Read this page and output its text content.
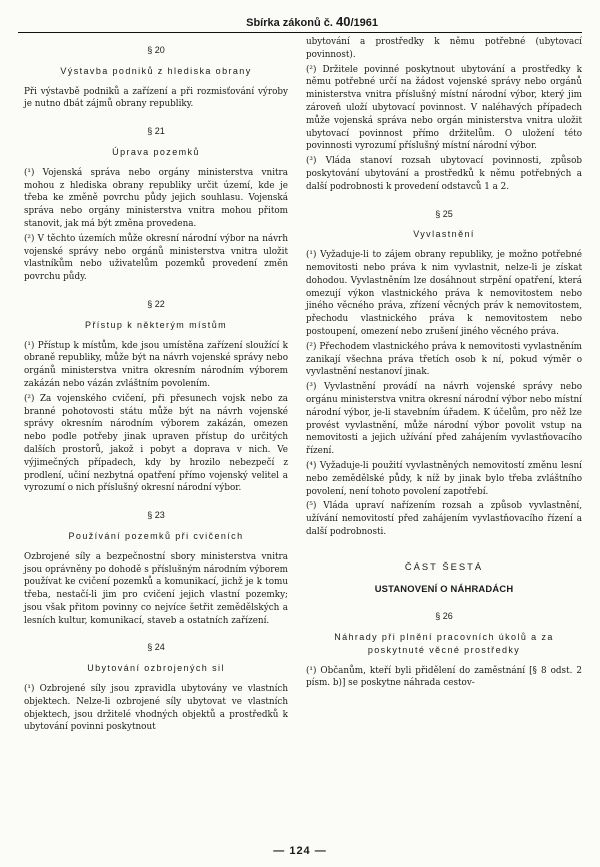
Sbírka zákonů č. 40/1961
§ 20
Výstavba podniků z hlediska obrany

Při výstavbě podniků a zařízení a při rozmisťování výroby je nutno dbát zájmů obrany republiky.

§ 21
Úprava pozemků

(¹) Vojenská správa nebo orgány ministerstva vnitra mohou z hlediska obrany republiky určit území, kde je třeba ke změně povrchu půdy jejich souhlasu. Vojenská správa nebo orgány ministerstva vnitra mohou přitom stanovit, jak má být změna provedena.

(²) V těchto územích může okresní národní výbor na návrh vojenské správy nebo orgánů ministerstva vnitra uložit vlastníkům nebo uživatelům pozemků provedení změn povrchu půdy.

§ 22
Přístup k některým místům

(¹) Přístup k místům, kde jsou umístěna zařízení sloužící k obraně republiky, může být na návrh vojenské správy nebo orgánů ministerstva vnitra okresním národním výborem zakázán nebo vázán zvláštním povolením.

(²) Za vojenského cvičení, při přesunech vojsk nebo za branné pohotovosti státu může být na návrh vojenské správy okresním národním výborem zakázán, omezen nebo podle potřeby jinak upraven přístup do určitých dalších prostorů, jakož i pobyt a doprava v nich. Ve výjimečných případech, kdy by hrozilo nebezpečí z prodlení, učiní nezbytná opatření přímo vojenský velitel a vyrozumí o nich příslušný okresní národní výbor.

§ 23
Používání pozemků při cvičeních

Ozbrojené síly a bezpečnostní sbory ministerstva vnitra jsou oprávněny po dohodě s příslušným národním výborem používat ke cvičení pozemků a komunikací, jichž je k tomu třeba, nestačí-li jim pro cvičení jejich vlastní pozemky; jsou však přitom povinny co nejvíce šetřit zemědělských a lesních kultur, komunikací, staveb a ostatních zařízení.

§ 24
Ubytování ozbrojených sil

(¹) Ozbrojené síly jsou zpravidla ubytovány ve vlastních objektech. Nelze-li ozbrojené síly ubytovat ve vlastních objektech, jsou držitelé vhodných objektů a prostředků k ubytování povinni poskytnout

ubytování a prostředky k němu potřebné (ubytovací povinnost).

(²) Držitele povinné poskytnout ubytování a prostředky k němu potřebné určí na žádost vojenské správy nebo orgánů ministerstva vnitra příslušný místní národní výbor, který jim zároveň uloží ubytovací povinnost. V naléhavých případech může vojenská správa nebo orgán ministerstva vnitra uložit ubytovací povinnost přímo držitelům. O uložení této povinnosti vyrozumí příslušný místní národní výbor.

(³) Vláda stanoví rozsah ubytovací povinnosti, způsob poskytování ubytování a prostředků k němu potřebných a další podrobnosti k provedení odstavců 1 a 2.

§ 25
Vyvlastnění

(¹) Vyžaduje-li to zájem obrany republiky, je možno potřebné nemovitosti nebo práva k nim vyvlastnit, nelze-li je získat dohodou. Vyvlastněním lze dosáhnout strpění opatření, která omezují výkon vlastnického práva k nemovitostem nebo jiného věcného práva, zřízení věcných práv k nemovitostem, přechodu vlastnického práva k nemovitostem nebo postoupení, omezení nebo zrušení jiného věcného práva.

(²) Přechodem vlastnického práva k nemovitosti vyvlastněním zanikají všechna práva třetích osob k ní, pokud výměr o vyvlastnění nestanoví jinak.

(³) Vyvlastnění provádí na návrh vojenské správy nebo orgánu ministerstva vnitra okresní národní výbor nebo místní národní výbor, je-li stavebním úřadem. K účelům, pro něž lze provést vyvlastnění, může národní výbor povolit vstup na nemovitosti a jejich užívání před zahájením vyvlastňovacího řízení.

(⁴) Vyžaduje-li použití vyvlastněných nemovitostí změnu lesní nebo zemědělské půdy, k níž by jinak bylo třeba zvláštního povolení, není tohoto povolení zapotřebí.

(⁵) Vláda upraví nařízením rozsah a způsob vyvlastnění, užívání nemovitostí před zahájením vyvlastňovacího řízení a další podrobnosti.

ČÁST ŠESTÁ
USTANOVENÍ O NÁHRADÁCH
§ 26
Náhrady při plnění pracovních úkolů a za poskytnuté věcné prostředky

(¹) Občanům, kteří byli přidělení do zaměstnání [§ 8 odst. 2 písm. b)] se poskytne náhrada cestov-

— 124 —
